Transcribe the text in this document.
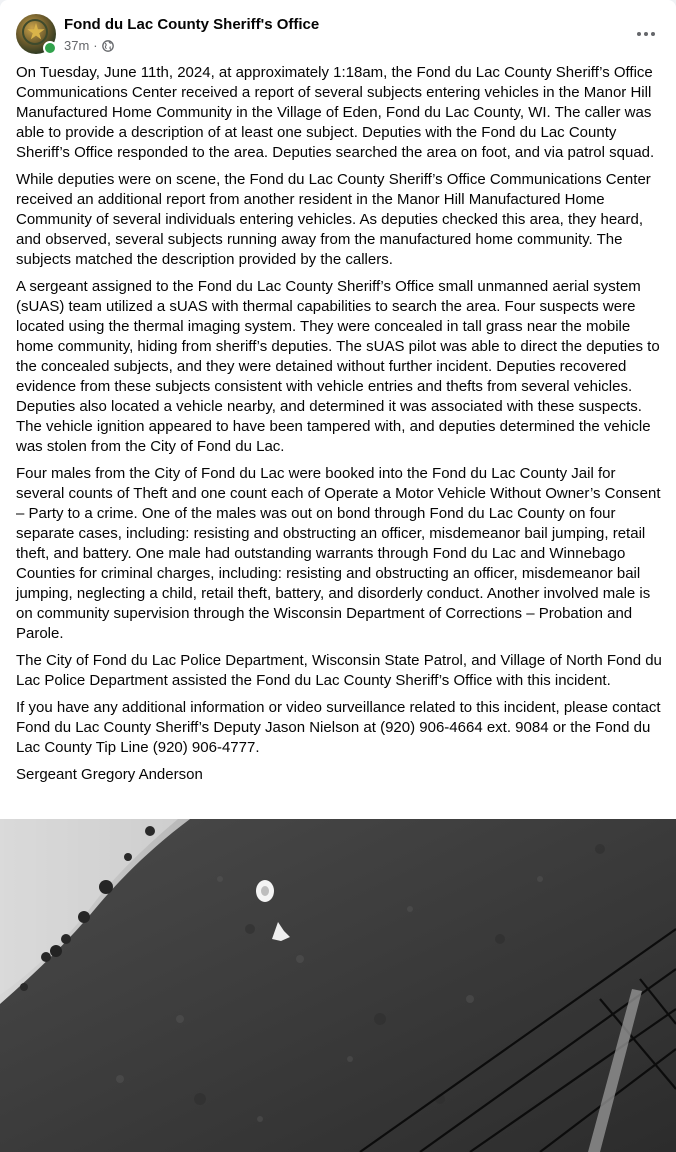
Fond du Lac County Sheriff's Office
37m ·

On Tuesday, June 11th, 2024, at approximately 1:18am, the Fond du Lac County Sheriff’s Office Communications Center received a report of several subjects entering vehicles in the Manor Hill Manufactured Home Community in the Village of Eden, Fond du Lac County, WI. The caller was able to provide a description of at least one subject. Deputies with the Fond du Lac County Sheriff’s Office responded to the area. Deputies searched the area on foot, and via patrol squad.

While deputies were on scene, the Fond du Lac County Sheriff’s Office Communications Center received an additional report from another resident in the Manor Hill Manufactured Home Community of several individuals entering vehicles. As deputies checked this area, they heard, and observed, several subjects running away from the manufactured home community. The subjects matched the description provided by the callers.

A sergeant assigned to the Fond du Lac County Sheriff’s Office small unmanned aerial system (sUAS) team utilized a sUAS with thermal capabilities to search the area. Four suspects were located using the thermal imaging system. They were concealed in tall grass near the mobile home community, hiding from sheriff’s deputies. The sUAS pilot was able to direct the deputies to the concealed subjects, and they were detained without further incident. Deputies recovered evidence from these subjects consistent with vehicle entries and thefts from several vehicles. Deputies also located a vehicle nearby, and determined it was associated with these suspects. The vehicle ignition appeared to have been tampered with, and deputies determined the vehicle was stolen from the City of Fond du Lac.

Four males from the City of Fond du Lac were booked into the Fond du Lac County Jail for several counts of Theft and one count each of Operate a Motor Vehicle Without Owner’s Consent – Party to a crime. One of the males was out on bond through Fond du Lac County on four separate cases, including: resisting and obstructing an officer, misdemeanor bail jumping, retail theft, and battery. One male had outstanding warrants through Fond du Lac and Winnebago Counties for criminal charges, including: resisting and obstructing an officer, misdemeanor bail jumping, neglecting a child, retail theft, battery, and disorderly conduct. Another involved male is on community supervision through the Wisconsin Department of Corrections – Probation and Parole.

The City of Fond du Lac Police Department, Wisconsin State Patrol, and Village of North Fond du Lac Police Department assisted the Fond du Lac County Sheriff’s Office with this incident.

If you have any additional information or video surveillance related to this incident, please contact Fond du Lac County Sheriff’s Deputy Jason Nielson at (920) 906-4664 ext. 9084 or the Fond du Lac County Tip Line (920) 906-4777.

Sergeant Gregory Anderson
